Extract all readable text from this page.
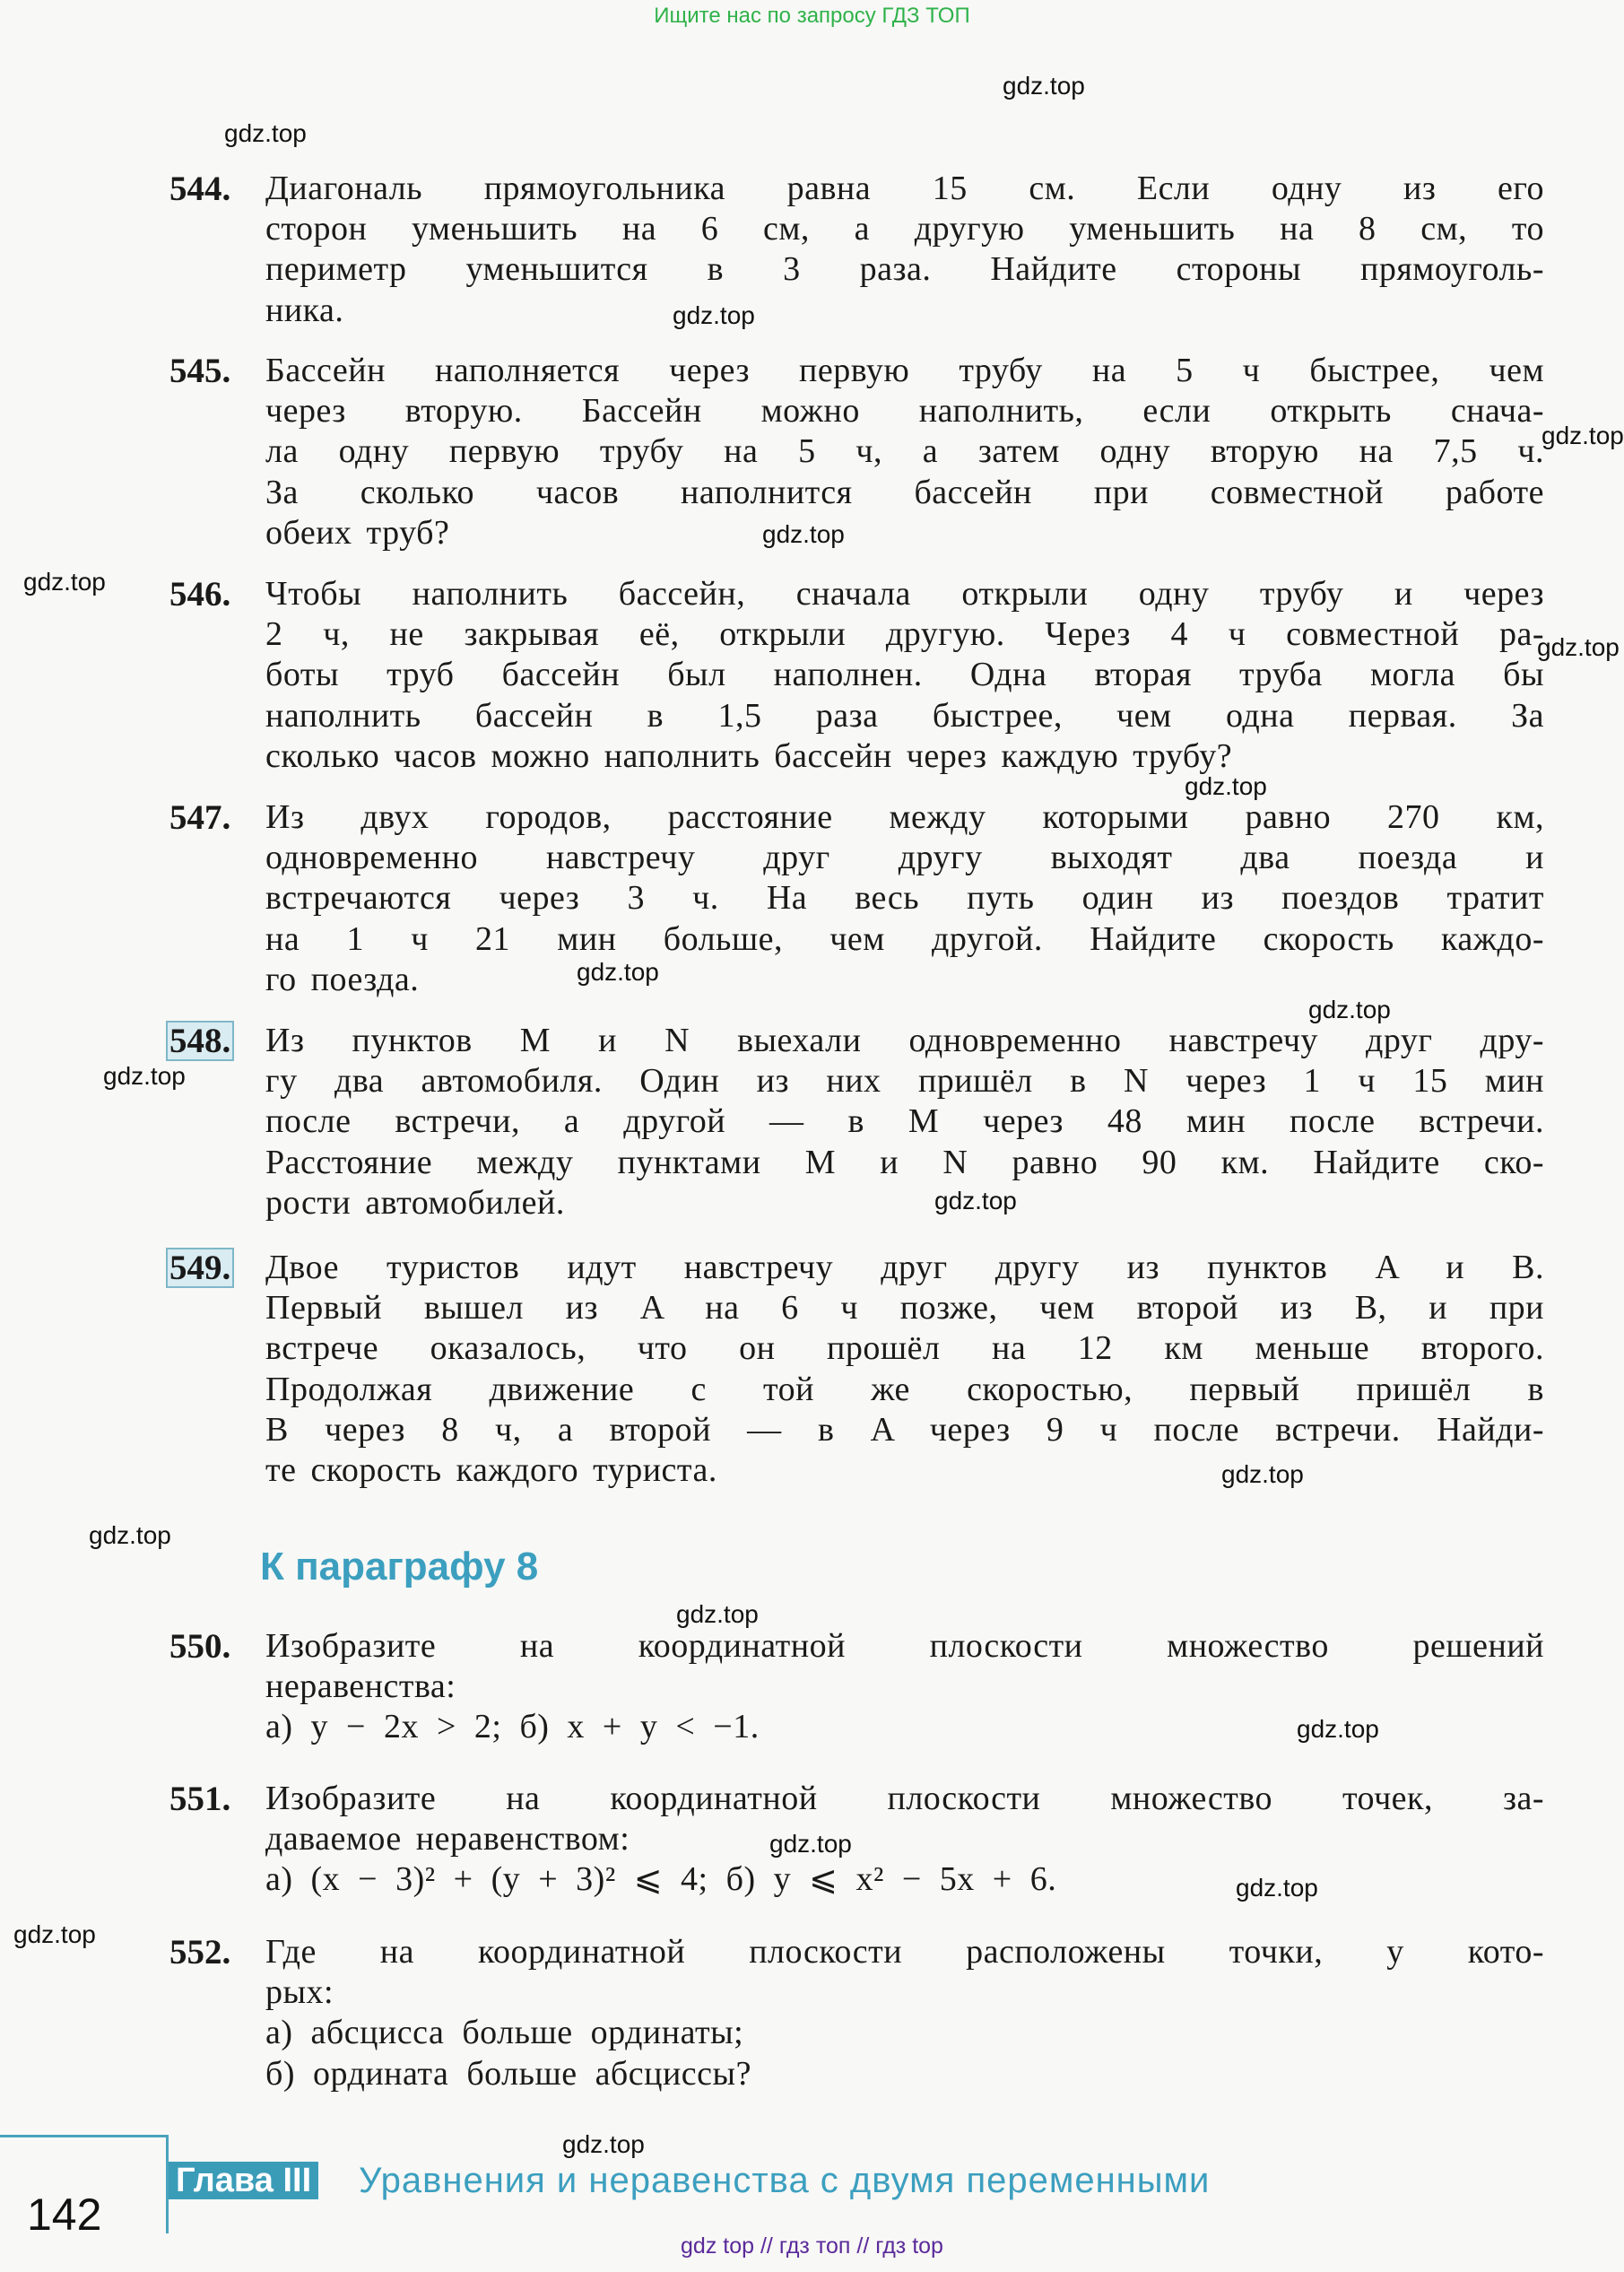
Ищите нас по запросу ГДЗ ТОП
544. Диагональ прямоугольника равна 15 см. Если одну из его
сторон уменьшить на 6 см, а другую уменьшить на 8 см, то
периметр уменьшится в 3 раза. Найдите стороны прямоуголь-
ника.
545. Бассейн наполняется через первую трубу на 5 ч быстрее, чем
через вторую. Бассейн можно наполнить, если открыть снача-
ла одну первую трубу на 5 ч, а затем одну вторую на 7,5 ч.
За сколько часов наполнится бассейн при совместной работе
обеих труб?
546. Чтобы наполнить бассейн, сначала открыли одну трубу и через
2 ч, не закрывая её, открыли другую. Через 4 ч совместной ра-
боты труб бассейн был наполнен. Одна вторая труба могла бы
наполнить бассейн в 1,5 раза быстрее, чем одна первая. За
сколько часов можно наполнить бассейн через каждую трубу?
547. Из двух городов, расстояние между которыми равно 270 км,
одновременно навстречу друг другу выходят два поезда и
встречаются через 3 ч. На весь путь один из поездов тратит
на 1 ч 21 мин больше, чем другой. Найдите скорость каждо-
го поезда.
548. Из пунктов M и N выехали одновременно навстречу друг дру-
гу два автомобиля. Один из них пришёл в N через 1 ч 15 мин
после встречи, а другой — в M через 48 мин после встречи.
Расстояние между пунктами M и N равно 90 км. Найдите ско-
рости автомобилей.
549. Двое туристов идут навстречу друг другу из пунктов A и B.
Первый вышел из A на 6 ч позже, чем второй из B, и при
встрече оказалось, что он прошёл на 12 км меньше второго.
Продолжая движение с той же скоростью, первый пришёл в
B через 8 ч, а второй — в A через 9 ч после встречи. Найди-
те скорость каждого туриста.
550. Изобразите на координатной плоскости множество решений
неравенства:
а) y − 2x > 2; б) x + y < −1.
551. Изобразите на координатной плоскости множество точек, за-
даваемое неравенством:
а) (x − 3)² + (y + 3)² ⩽ 4; б) y ⩽ x² − 5x + 6.
552. Где на координатной плоскости расположены точки, у кото-
рых:
а) абсцисса больше ординаты;
б) ордината больше абсциссы?
К параграфу 8
gdz.top
gdz.top
gdz.top
gdz.top
gdz.top
gdz.top
gdz.top
gdz.top
gdz.top
gdz.top
gdz.top
gdz.top
gdz.top
gdz.top
gdz.top
gdz.top
gdz.top
gdz.top
gdz.top
gdz.top
142
Глава III Уравнения и неравенства с двумя переменными
gdz top // гдз топ // гдз top
